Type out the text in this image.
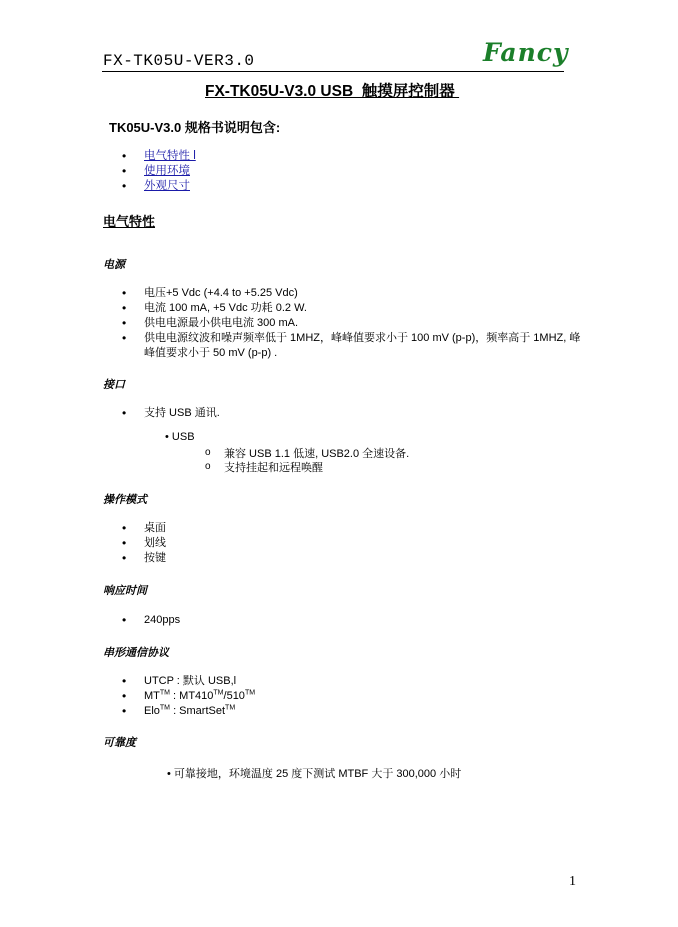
FX-TK05U-VER3.0	Fancy
FX-TK05U-V3.0 USB  触摸屏控制器
TK05U-V3.0 规格书说明包含:
• 电气特性 l
• 使用环境
• 外观尺寸
电气特性
电源
• 电压+5 Vdc (+4.4 to +5.25 Vdc)
• 电流 100 mA, +5 Vdc 功耗 0.2 W.
• 供电电源最小供电电流 300 mA.
• 供电电源纹波和噪声频率低于 1MHZ，峰峰值要求小于 100 mV (p-p)，频率高于 1MHZ, 峰峰值要求小于 50 mV (p-p) .
接口
• 支持 USB 通讯.
• USB
o 兼容 USB 1.1 低速, USB2.0 全速设备.
o 支持挂起和远程唤醒
操作模式
• 桌面
• 划线
• 按键
响应时间
• 240pps
串形通信协议
• UTCP : 默认 USB,l
• MT™ : MT410™/510™
• Elo™ : SmartSet™
可靠度
• 可靠接地，环境温度 25 度下测试 MTBF 大于 300,000 小时
1
